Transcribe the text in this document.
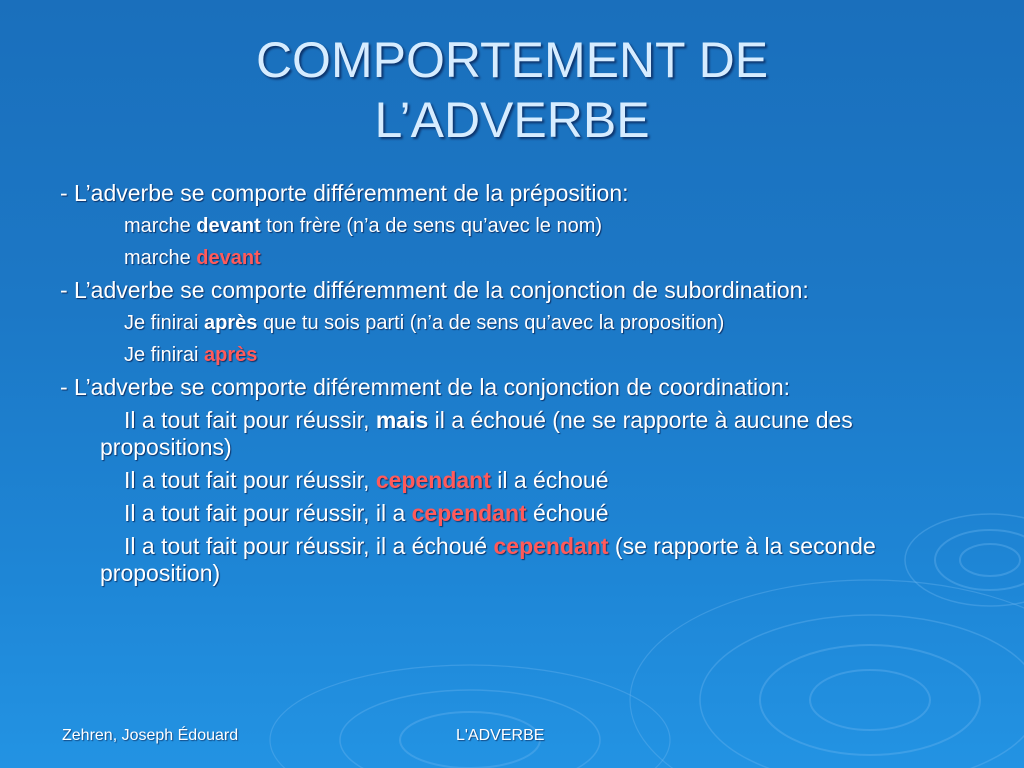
COMPORTEMENT DE
L’ADVERBE

- L’adverbe se comporte différemment de la préposition:

marche devant ton frère (n’a de sens qu’avec le nom)

marche devant

- L’adverbe se comporte différemment de la conjonction de subordination:

Je finirai après que tu sois parti (n’a de sens qu’avec la proposition)

Je finirai après

- L’adverbe se comporte diféremment de la conjonction de coordination:

Il a tout fait pour réussir, mais il a échoué (ne se rapporte à aucune des propositions)

Il a tout fait pour réussir, cependant il a échoué

Il a tout fait pour réussir, il a cependant échoué

Il a tout fait pour réussir, il a échoué cependant (se rapporte à la seconde proposition)

Zehren, Joseph Édouard	L'ADVERBE
